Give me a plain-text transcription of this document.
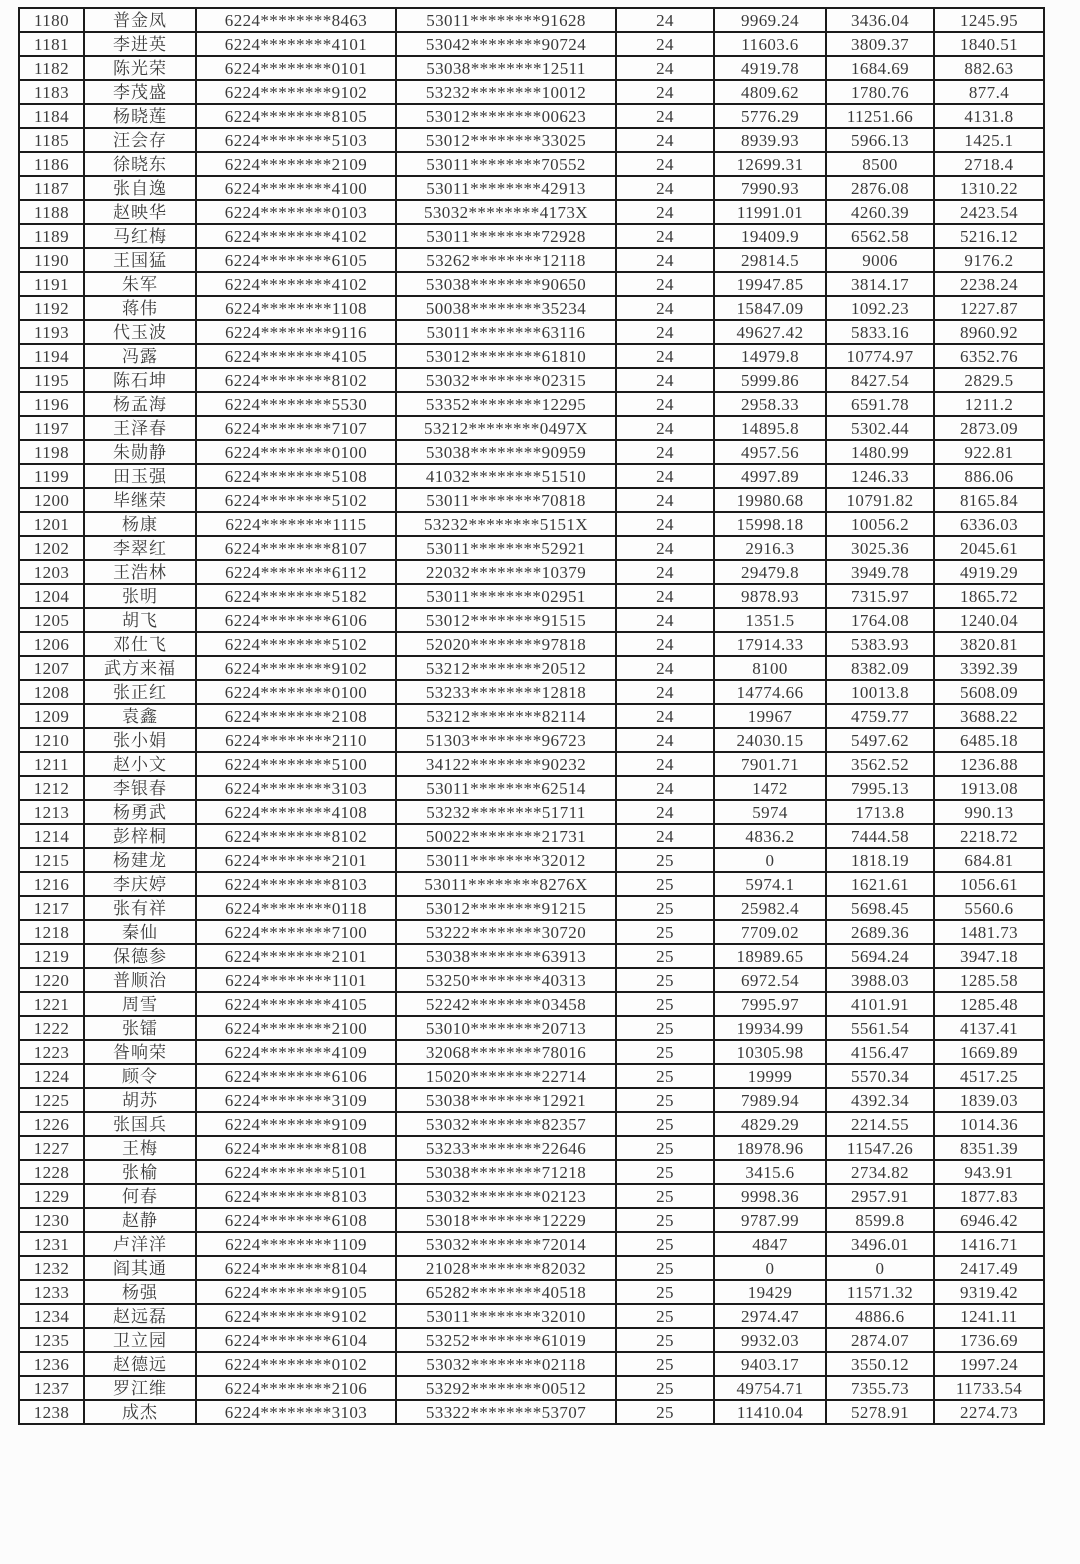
1180	普金凤	6224********8463	53011********91628	24	9969.24	3436.04	1245.95
1181	李进英	6224********4101	53042********90724	24	11603.6	3809.37	1840.51
1182	陈光荣	6224********0101	53038********12511	24	4919.78	1684.69	882.63
1183	李茂盛	6224********9102	53232********10012	24	4809.62	1780.76	877.4
1184	杨晓莲	6224********8105	53012********00623	24	5776.29	11251.66	4131.8
1185	汪会存	6224********5103	53012********33025	24	8939.93	5966.13	1425.1
1186	徐晓东	6224********2109	53011********70552	24	12699.31	8500	2718.4
1187	张自逸	6224********4100	53011********42913	24	7990.93	2876.08	1310.22
1188	赵映华	6224********0103	53032********4173X	24	11991.01	4260.39	2423.54
1189	马红梅	6224********4102	53011********72928	24	19409.9	6562.58	5216.12
1190	王国猛	6224********6105	53262********12118	24	29814.5	9006	9176.2
1191	朱军	6224********4102	53038********90650	24	19947.85	3814.17	2238.24
1192	蒋伟	6224********1108	50038********35234	24	15847.09	1092.23	1227.87
1193	代玉波	6224********9116	53011********63116	24	49627.42	5833.16	8960.92
1194	冯露	6224********4105	53012********61810	24	14979.8	10774.97	6352.76
1195	陈石坤	6224********8102	53032********02315	24	5999.86	8427.54	2829.5
1196	杨孟海	6224********5530	53352********12295	24	2958.33	6591.78	1211.2
1197	王泽春	6224********7107	53212********0497X	24	14895.8	5302.44	2873.09
1198	朱勋静	6224********0100	53038********90959	24	4957.56	1480.99	922.81
1199	田玉强	6224********5108	41032********51510	24	4997.89	1246.33	886.06
1200	毕继荣	6224********5102	53011********70818	24	19980.68	10791.82	8165.84
1201	杨康	6224********1115	53232********5151X	24	15998.18	10056.2	6336.03
1202	李翠红	6224********8107	53011********52921	24	2916.3	3025.36	2045.61
1203	王浩林	6224********6112	22032********10379	24	29479.8	3949.78	4919.29
1204	张明	6224********5182	53011********02951	24	9878.93	7315.97	1865.72
1205	胡飞	6224********6106	53012********91515	24	1351.5	1764.08	1240.04
1206	邓仕飞	6224********5102	52020********97818	24	17914.33	5383.93	3820.81
1207	武方来福	6224********9102	53212********20512	24	8100	8382.09	3392.39
1208	张正红	6224********0100	53233********12818	24	14774.66	10013.8	5608.09
1209	袁鑫	6224********2108	53212********82114	24	19967	4759.77	3688.22
1210	张小娟	6224********2110	51303********96723	24	24030.15	5497.62	6485.18
1211	赵小文	6224********5100	34122********90232	24	7901.71	3562.52	1236.88
1212	李银春	6224********3103	53011********62514	24	1472	7995.13	1913.08
1213	杨勇武	6224********4108	53232********51711	24	5974	1713.8	990.13
1214	彭梓桐	6224********8102	50022********21731	24	4836.2	7444.58	2218.72
1215	杨建龙	6224********2101	53011********32012	25	0	1818.19	684.81
1216	李庆婷	6224********8103	53011********8276X	25	5974.1	1621.61	1056.61
1217	张有祥	6224********0118	53012********91215	25	25982.4	5698.45	5560.6
1218	秦仙	6224********7100	53222********30720	25	7709.02	2689.36	1481.73
1219	保德参	6224********2101	53038********63913	25	18989.65	5694.24	3947.18
1220	普顺治	6224********1101	53250********40313	25	6972.54	3988.03	1285.58
1221	周雪	6224********4105	52242********03458	25	7995.97	4101.91	1285.48
1222	张镭	6224********2100	53010********20713	25	19934.99	5561.54	4137.41
1223	昝响荣	6224********4109	32068********78016	25	10305.98	4156.47	1669.89
1224	顾令	6224********6106	15020********22714	25	19999	5570.34	4517.25
1225	胡苏	6224********3109	53038********12921	25	7989.94	4392.34	1839.03
1226	张国兵	6224********9109	53032********82357	25	4829.29	2214.55	1014.36
1227	王梅	6224********8108	53233********22646	25	18978.96	11547.26	8351.39
1228	张榆	6224********5101	53038********71218	25	3415.6	2734.82	943.91
1229	何春	6224********8103	53032********02123	25	9998.36	2957.91	1877.83
1230	赵静	6224********6108	53018********12229	25	9787.99	8599.8	6946.42
1231	卢洋洋	6224********1109	53032********72014	25	4847	3496.01	1416.71
1232	阎其通	6224********8104	21028********82032	25	0	0	2417.49
1233	杨强	6224********9105	65282********40518	25	19429	11571.32	9319.42
1234	赵远磊	6224********9102	53011********32010	25	2974.47	4886.6	1241.11
1235	卫立园	6224********6104	53252********61019	25	9932.03	2874.07	1736.69
1236	赵德远	6224********0102	53032********02118	25	9403.17	3550.12	1997.24
1237	罗江维	6224********2106	53292********00512	25	49754.71	7355.73	11733.54
1238	成杰	6224********3103	53322********53707	25	11410.04	5278.91	2274.73
